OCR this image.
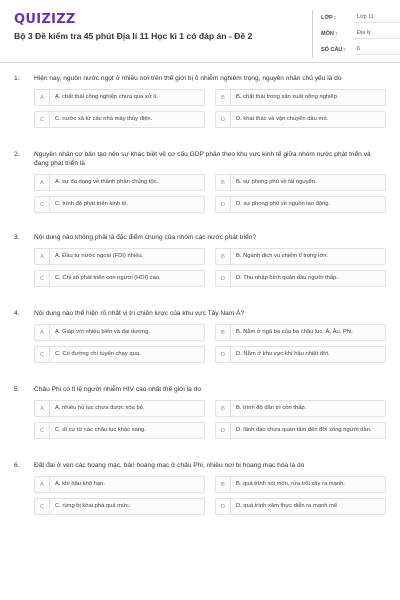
QUIZIZZ
Bộ 3 Đề kiểm tra 45 phút Địa lí 11 Học kì 1 có đáp án - Đề 2
LỚP :	Lớp 11
MÔN :	Địa lý
SỐ CÂU :	6
1.	Hiện nay, nguồn nước ngọt ở nhiều nơi trên thế giới bị ô nhiễm nghiêm trọng, nguyên nhân chủ yếu là do
A	A. chất thải công nghiệp chưa qua xử lí.	B	B. chất thải trong sản xuất nông nghiệp.
C	C. nước xả từ các nhà máy thủy điện.	D	D. khai thác và vận chuyển dầu mỏ.
2.	Nguyên nhân cơ bản tạo nên sự khác biệt về cơ cấu GDP phân theo khu vực kinh tế giữa nhóm nước phát triển và đang phát triển là
A	A. sự đa dạng về thành phần chủng tộc.	B	B. sự phong phú về tài nguyên.
C	C. trình độ phát triển kinh tế.	D	D. sự phong phú về nguồn lao động.
3.	Nội dung nào không phải là đặc điểm chung của nhóm các nước phát triển?
A	A. Đầu tư nước ngoài (FDI) nhiều.	B	B. Ngành dịch vụ chiếm tỉ trọng lớn.
C	C. Chỉ số phát triển con người (HDI) cao.	D	D. Thu nhập bình quân đầu người thấp.
4.	Nội dung nào thể hiện rõ nhất vị trí chiến lược của khu vực Tây Nam Á?
A	A. Giáp với nhiều biển và đại dương.	B	B. Nằm ở ngã ba của ba châu lục: Á, Âu, Phi.
C	C. Có đường chí tuyến chạy qua.	D	D. Nằm ở khu vực khí hậu nhiệt đới.
5.	Châu Phi có tỉ lệ người nhiễm HIV cao nhất thế giới là do
A	A. nhiều hủ tục chưa được xóa bỏ.	B	B. trình độ dân trí còn thấp.
C	C. di cư từ các châu lục khác sang.	D	D. lãnh đạo chưa quan tâm đến đời sống người dân.
6.	Đất đai ở ven các hoang mạc, bán hoang mạc ở châu Phi, nhiều nơi bị hoang mạc hóa là do
A	A. khí hậu khô hạn.	B	B. quá trình xói mòn, rửa trôi xảy ra mạnh.
C	C. rừng bị khai phá quá mức.	D	D. quá trình xâm thực diễn ra mạnh mẽ
